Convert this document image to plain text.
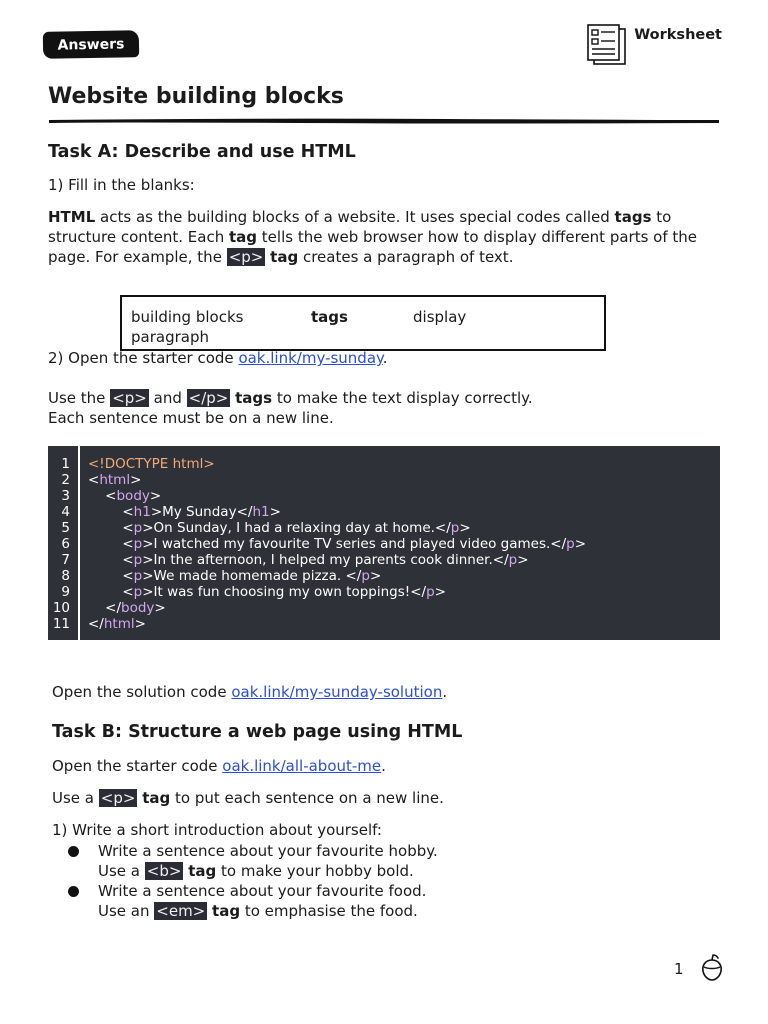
Answers
Worksheet
Website building blocks
Task A: Describe and use HTML

1) Fill in the blanks:

HTML acts as the building blocks of a website. It uses special codes called tags to structure content. Each tag tells the web browser how to display different parts of the page. For example, the <p> tag creates a paragraph of text.

building blocks	tags	display
paragraph

2) Open the starter code oak.link/my-sunday.

Use the <p> and </p> tags to make the text display correctly.
Each sentence must be on a new line.

1
2
3
4
5
6
7
8
9
10
11
<!DOCTYPE html>
<html>
<body>
<h1>My Sunday</h1>
<p>On Sunday, I had a relaxing day at home.</p>
<p>I watched my favourite TV series and played video games.</p>
<p>In the afternoon, I helped my parents cook dinner.</p>
<p>We made homemade pizza. </p>
<p>It was fun choosing my own toppings!</p>
</body>
</html>

Open the solution code oak.link/my-sunday-solution.

Task B: Structure a web page using HTML

Open the starter code oak.link/all-about-me.

Use a <p> tag to put each sentence on a new line.

1) Write a short introduction about yourself:

Write a sentence about your favourite hobby.
Use a <b> tag to make your hobby bold.
Write a sentence about your favourite food.
Use an <em> tag to emphasise the food.
1
